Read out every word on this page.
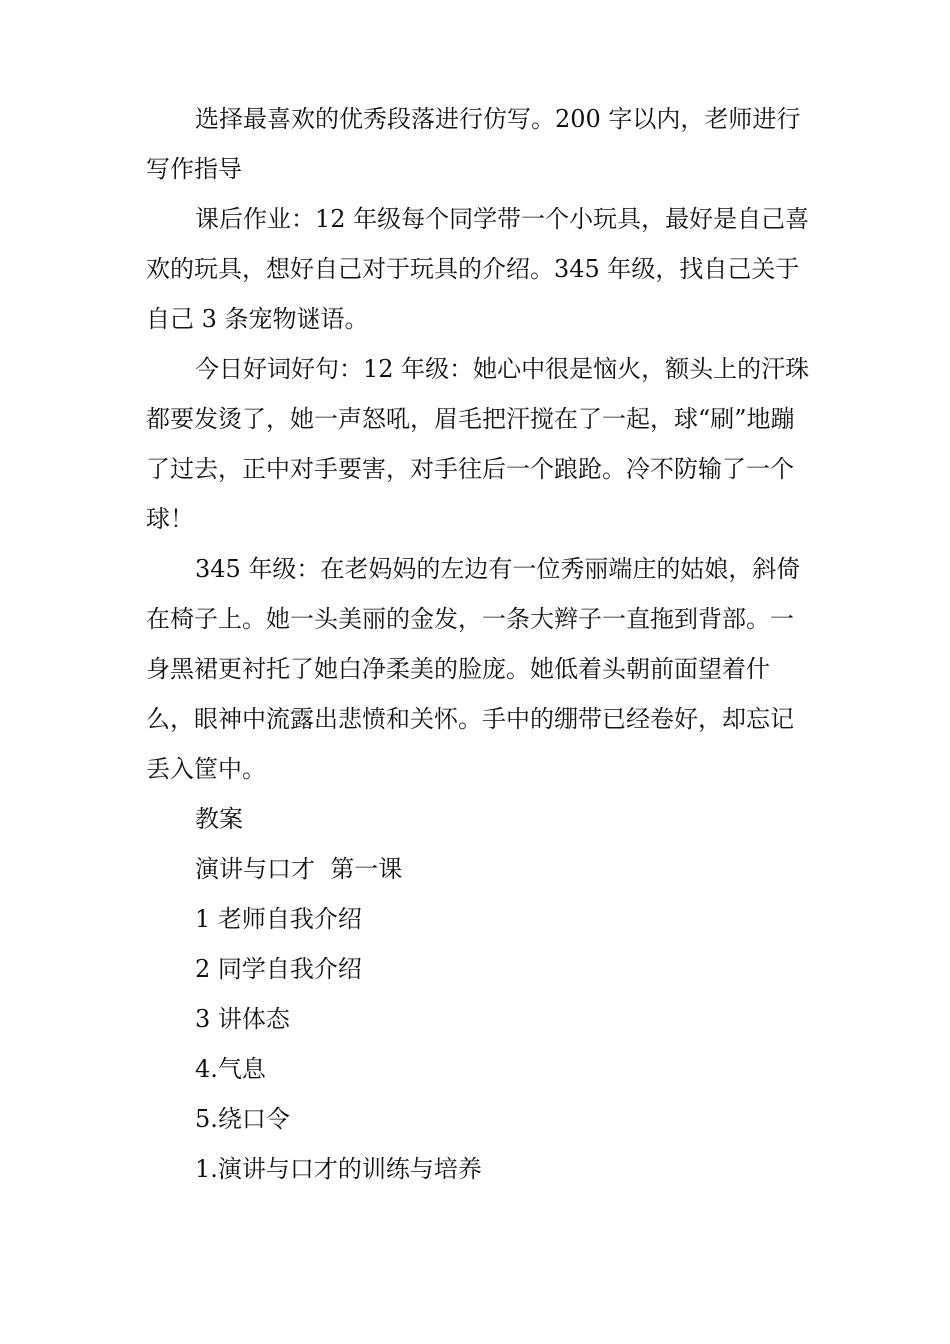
选择最喜欢的优秀段落进行仿写。200 字以内，老师进行写作指导

课后作业：12 年级每个同学带一个小玩具，最好是自己喜欢的玩具，想好自己对于玩具的介绍。345 年级，找自己关于自己 3 条宠物谜语。

今日好词好句：12 年级：她心中很是恼火，额头上的汗珠都要发烫了，她一声怒吼，眉毛把汗搅在了一起，球“刷”地蹦了过去，正中对手要害，对手往后一个踉跄。冷不防输了一个球！

345 年级：在老妈妈的左边有一位秀丽端庄的姑娘，斜倚在椅子上。她一头美丽的金发，一条大辫子一直拖到背部。一身黑裙更衬托了她白净柔美的脸庞。她低着头朝前面望着什么，眼神中流露出悲愤和关怀。手中的绷带已经卷好，却忘记丢入筐中。

教案

演讲与口才  第一课

1 老师自我介绍

2 同学自我介绍

3 讲体态

4.气息

5.绕口令

1.演讲与口才的训练与培养
